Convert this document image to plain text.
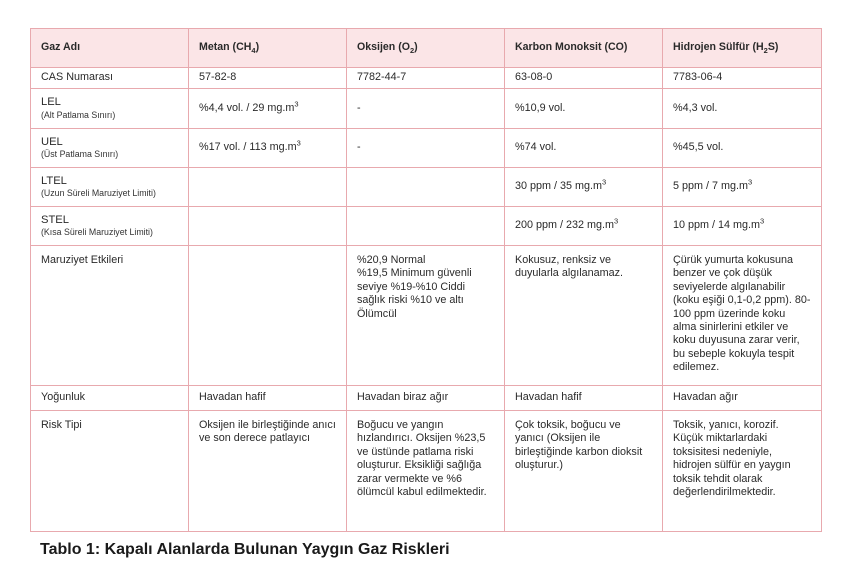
Gaz Adı	Metan $(CH_4)$	Oksijen $(O_2)$	Karbon Monoksit (CO)	Hidrojen Sülfür $(H_2S)$
CAS Numarası	57-82-8	7782-44-7	63-08-0	7783-06-4

LEL
(Alt Patlama Sınırı)	%4,4 vol. / 29 $mg.m^3$	-	%10,9 vol.	%4,3 vol.

UEL
(Üst Patlama Sınırı)	%17 vol. / 113 $mg.m^3$	-	%74 vol.	%45,5 vol.

LTEL
(Uzun Süreli Maruziyet Limiti)			30 ppm / 35 $mg.m^3$	5 ppm / 7 $mg.m^3$

STEL
(Kısa Süreli Maruziyet Limiti)			200 ppm / 232 $mg.m^3$	10 ppm / 14 $mg.m^3$
Maruziyet Etkileri		%20,9 Normal
%19,5 Minimum güvenli seviye %19-%10 Ciddi sağlık riski %10 ve altı Ölümcül	Kokusuz, renksiz ve duyularla algılanamaz.	Çürük yumurta kokusuna benzer ve çok düşük seviyelerde algılanabilir (koku eşiği 0,1-0,2 ppm). 80-100 ppm üzerinde koku alma sinirlerini etkiler ve koku duyusuna zarar verir, bu sebeple kokuyla tespit edilemez.
Yoğunluk	Havadan hafif	Havadan biraz ağır	Havadan hafif	Havadan ağır
Risk Tipi	Oksijen ile birleştiğinde anıcı ve son derece patlayıcı	Boğucu ve yangın hızlandırıcı. Oksijen %23,5 ve üstünde patlama riski oluşturur. Eksikliği sağlığa zarar vermekte ve %6 ölümcül kabul edilmektedir.	Çok toksik, boğucu ve yanıcı (Oksijen ile birleştiğinde karbon dioksit oluşturur.)	Toksik, yanıcı, korozif. Küçük miktarlardaki toksisitesi nedeniyle, hidrojen sülfür en yaygın toksik tehdit olarak değerlendirilmektedir.

Tablo 1: Kapalı Alanlarda Bulunan Yaygın Gaz Riskleri
